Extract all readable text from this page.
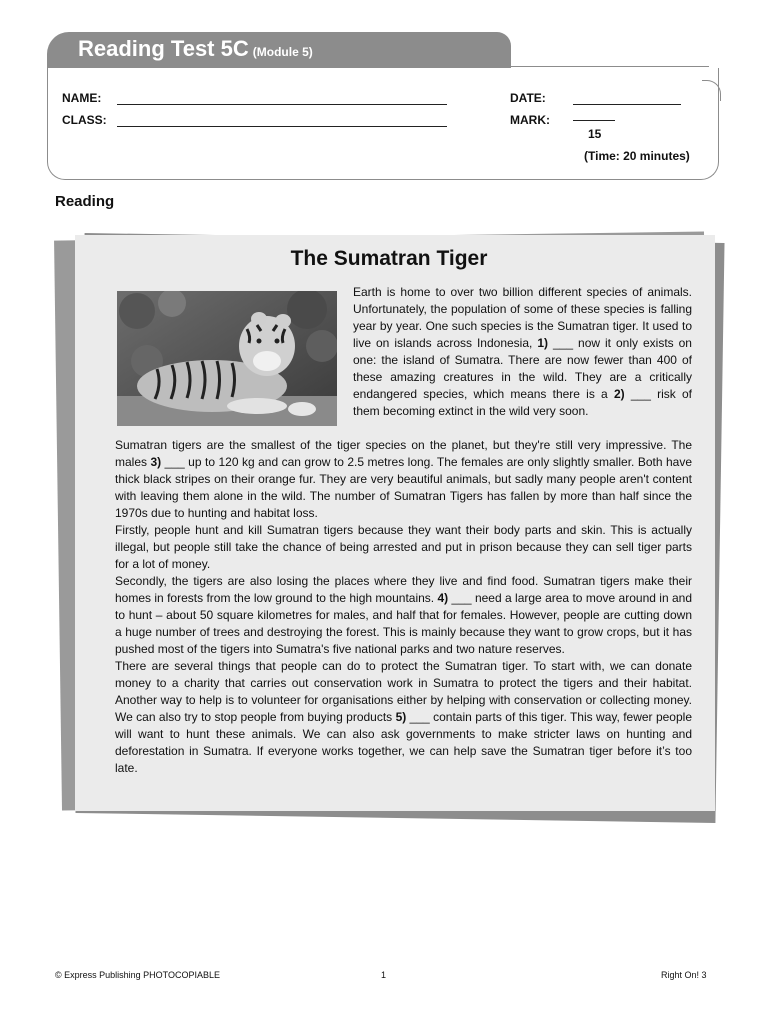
Reading Test 5C (Module 5)
NAME:
CLASS:
DATE:
MARK:
15
(Time: 20 minutes)
Reading
The Sumatran Tiger

Earth is home to over two billion different species of animals. Unfortunately, the population of some of these species is falling year by year. One such species is the Sumatran tiger. It used to live on islands across Indonesia, 1) ___ now it only exists on one: the island of Sumatra. There are now fewer than 400 of these amazing creatures in the wild. They are a critically endangered species, which means there is a 2) ___ risk of them becoming extinct in the wild very soon.

Sumatran tigers are the smallest of the tiger species on the planet, but they're still very impressive. The males 3) ___ up to 120 kg and can grow to 2.5 metres long. The females are only slightly smaller. Both have thick black stripes on their orange fur. They are very beautiful animals, but sadly many people aren't content with leaving them alone in the wild. The number of Sumatran Tigers has fallen by more than half since the 1970s due to hunting and habitat loss.

Firstly, people hunt and kill Sumatran tigers because they want their body parts and skin. This is actually illegal, but people still take the chance of being arrested and put in prison because they can sell tiger parts for a lot of money.

Secondly, the tigers are also losing the places where they live and find food. Sumatran tigers make their homes in forests from the low ground to the high mountains. 4) ___ need a large area to move around in and to hunt – about 50 square kilometres for males, and half that for females. However, people are cutting down a huge number of trees and destroying the forest. This is mainly because they want to grow crops, but it has pushed most of the tigers into Sumatra's five national parks and two nature reserves.

There are several things that people can do to protect the Sumatran tiger. To start with, we can donate money to a charity that carries out conservation work in Sumatra to protect the tigers and their habitat. Another way to help is to volunteer for organisations either by helping with conservation or collecting money. We can also try to stop people from buying products 5) ___ contain parts of this tiger. This way, fewer people will want to hunt these animals. We can also ask governments to make stricter laws on hunting and deforestation in Sumatra. If everyone works together, we can help save the Sumatran tiger before it’s too late.

© Express Publishing PHOTOCOPIABLE	1	Right On! 3
